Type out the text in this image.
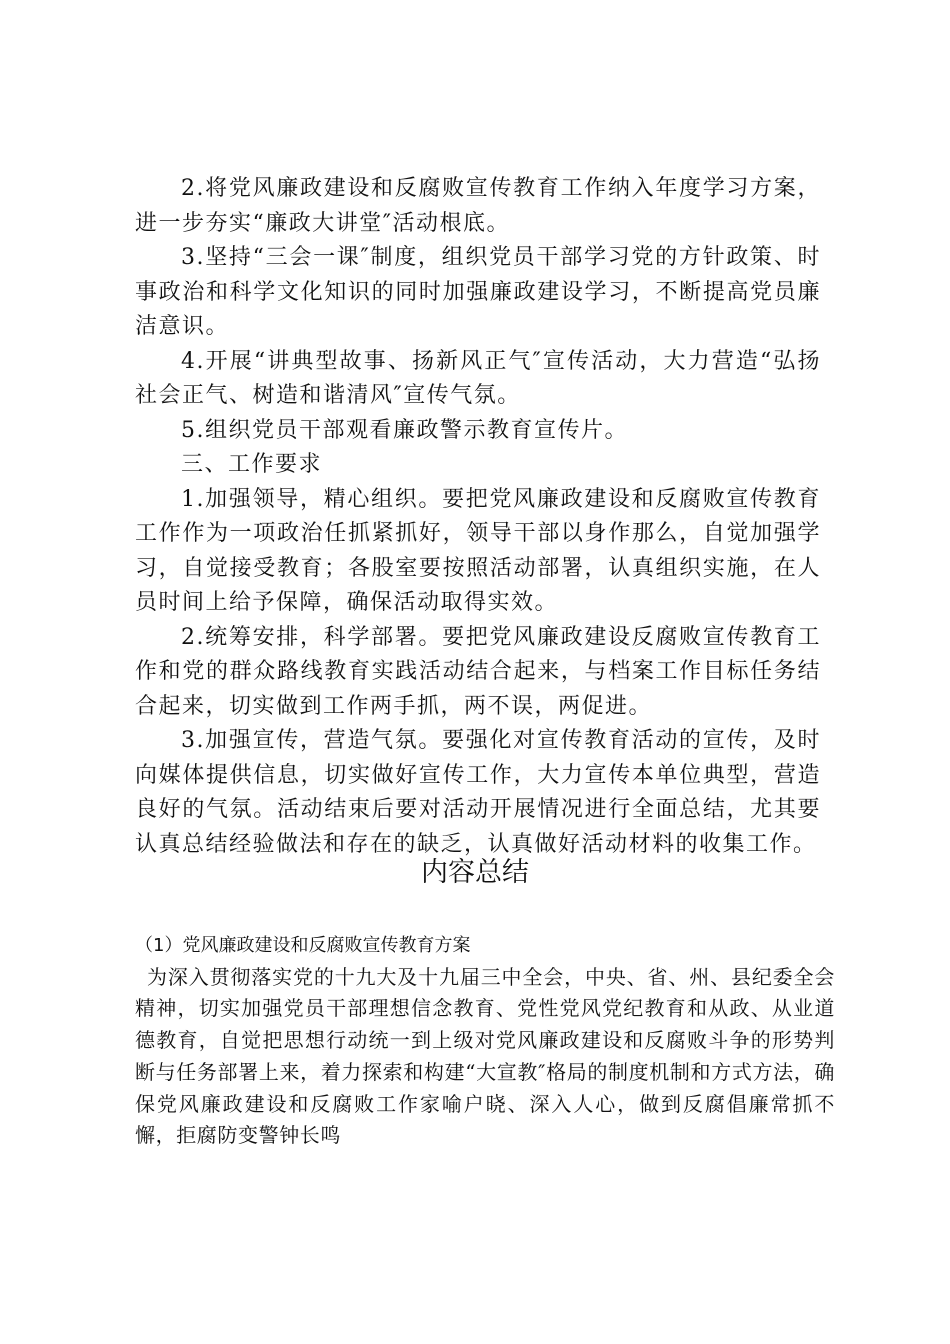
2.将党风廉政建设和反腐败宣传教育工作纳入年度学习方案，进一步夯实“廉政大讲堂″活动根底。

3.坚持“三会一课″制度，组织党员干部学习党的方针政策、时事政治和科学文化知识的同时加强廉政建设学习，不断提高党员廉洁意识。

4.开展“讲典型故事、扬新风正气″宣传活动，大力营造“弘扬社会正气、树造和谐清风″宣传气氛。

5.组织党员干部观看廉政警示教育宣传片。

三、工作要求

1.加强领导，精心组织。要把党风廉政建设和反腐败宣传教育工作作为一项政治任抓紧抓好，领导干部以身作那么，自觉加强学习，自觉接受教育；各股室要按照活动部署，认真组织实施，在人员时间上给予保障，确保活动取得实效。

2.统筹安排，科学部署。要把党风廉政建设反腐败宣传教育工作和党的群众路线教育实践活动结合起来，与档案工作目标任务结合起来，切实做到工作两手抓，两不误，两促进。

3.加强宣传，营造气氛。要强化对宣传教育活动的宣传，及时向媒体提供信息，切实做好宣传工作，大力宣传本单位典型，营造良好的气氛。活动结束后要对活动开展情况进行全面总结，尤其要认真总结经验做法和存在的缺乏，认真做好活动材料的收集工作。

内容总结

（1）党风廉政建设和反腐败宣传教育方案

为深入贯彻落实党的十九大及十九届三中全会，中央、省、州、县纪委全会精神，切实加强党员干部理想信念教育、党性党风党纪教育和从政、从业道德教育，自觉把思想行动统一到上级对党风廉政建设和反腐败斗争的形势判断与任务部署上来，着力探索和构建“大宣教″格局的制度机制和方式方法，确保党风廉政建设和反腐败工作家喻户晓、深入人心，做到反腐倡廉常抓不懈，拒腐防变警钟长鸣
